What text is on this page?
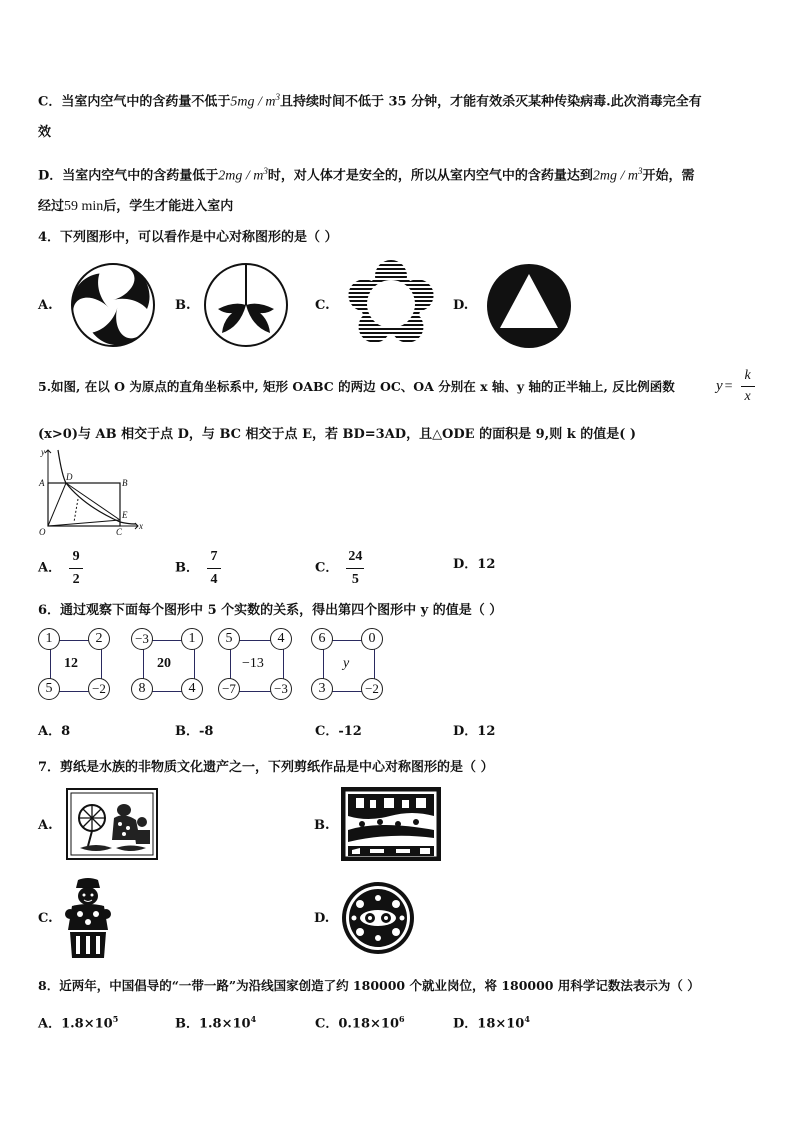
C．当室内空气中的含药量不低于$5mg / m^3$且持续时间不低于 35 分钟，才能有效杀灭某种传染病毒.此次消毒完全有
效
D．当室内空气中的含药量低于$2mg / m^3$时，对人体才是安全的，所以从室内空气中的含药量达到$2mg / m^3$开始，需
经过59 min后，学生才能进入室内
4．下列图形中，可以看作是中心对称图形的是（ ）
A.	B.	C.	D.
5.如图, 在以 O 为原点的直角坐标系中, 矩形 OABC 的两边 OC、OA 分别在 x 轴、y 轴的正半轴上, 反比例函数	$y = \frac{k}{x}$
(x>0)与 AB 相交于点 D，与 BC 相交于点 E，若 BD=3AD，且△ODE 的面积是 9,则 k 的值是( )
y
x
A	B
C
D
E
O
A． $\frac{9}{2}$	B． $\frac{7}{4}$	C． $\frac{24}{5}$	D．12
6．通过观察下面每个图形中 5 个实数的关系，得出第四个图形中 y 的值是（ ）
1	2
12
5	−2
−3	1
20
8	4
5	4
−13
−7	−3
6	0
y
3	−2
A．8	B．-8	C．-12	D．12
7．剪纸是水族的非物质文化遗产之一，下列剪纸作品是中心对称图形的是（ ）
A.	B.
C.	D.
8．近两年，中国倡导的“一带一路”为沿线国家创造了约 180000 个就业岗位，将 180000 用科学记数法表示为（ ）
A．$1.8\times 10^5$	B．$1.8\times 10^4$	C．$0.18\times 10^6$	D．$18\times 10^4$
